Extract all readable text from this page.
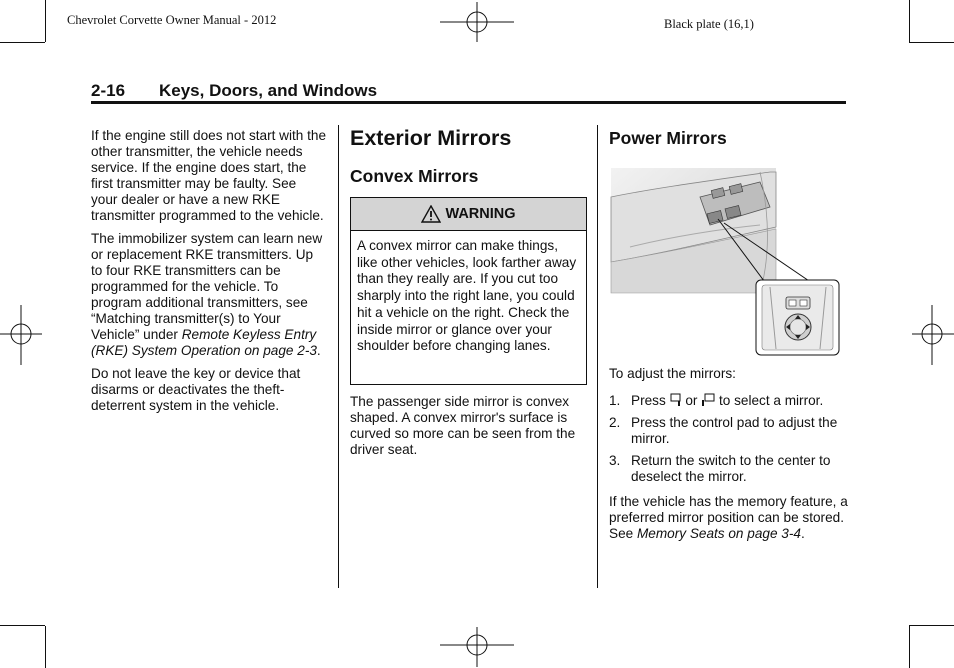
Chevrolet Corvette Owner Manual - 2012	Black plate (16,1)
2-16 Keys, Doors, and Windows

If the engine still does not start with the other transmitter, the vehicle needs service. If the engine does start, the first transmitter may be faulty. See your dealer or have a new RKE transmitter programmed to the vehicle.

The immobilizer system can learn new or replacement RKE transmitters. Up to four RKE transmitters can be programmed for the vehicle. To program additional transmitters, see “Matching transmitter(s) to Your Vehicle” under Remote Keyless Entry (RKE) System Operation on page 2-3.

Do not leave the key or device that disarms or deactivates the theft-deterrent system in the vehicle.

Exterior Mirrors
Convex Mirrors
WARNING
A convex mirror can make things, like other vehicles, look farther away than they really are. If you cut too sharply into the right lane, you could hit a vehicle on the right. Check the inside mirror or glance over your shoulder before changing lanes.
The passenger side mirror is convex shaped. A convex mirror's surface is curved so more can be seen from the driver seat.
Power Mirrors

To adjust the mirrors:

1. Press or to select a mirror.
2. Press the control pad to adjust the mirror.
3. Return the switch to the center to deselect the mirror.

If the vehicle has the memory feature, a preferred mirror position can be stored. See Memory Seats on page 3-4.
